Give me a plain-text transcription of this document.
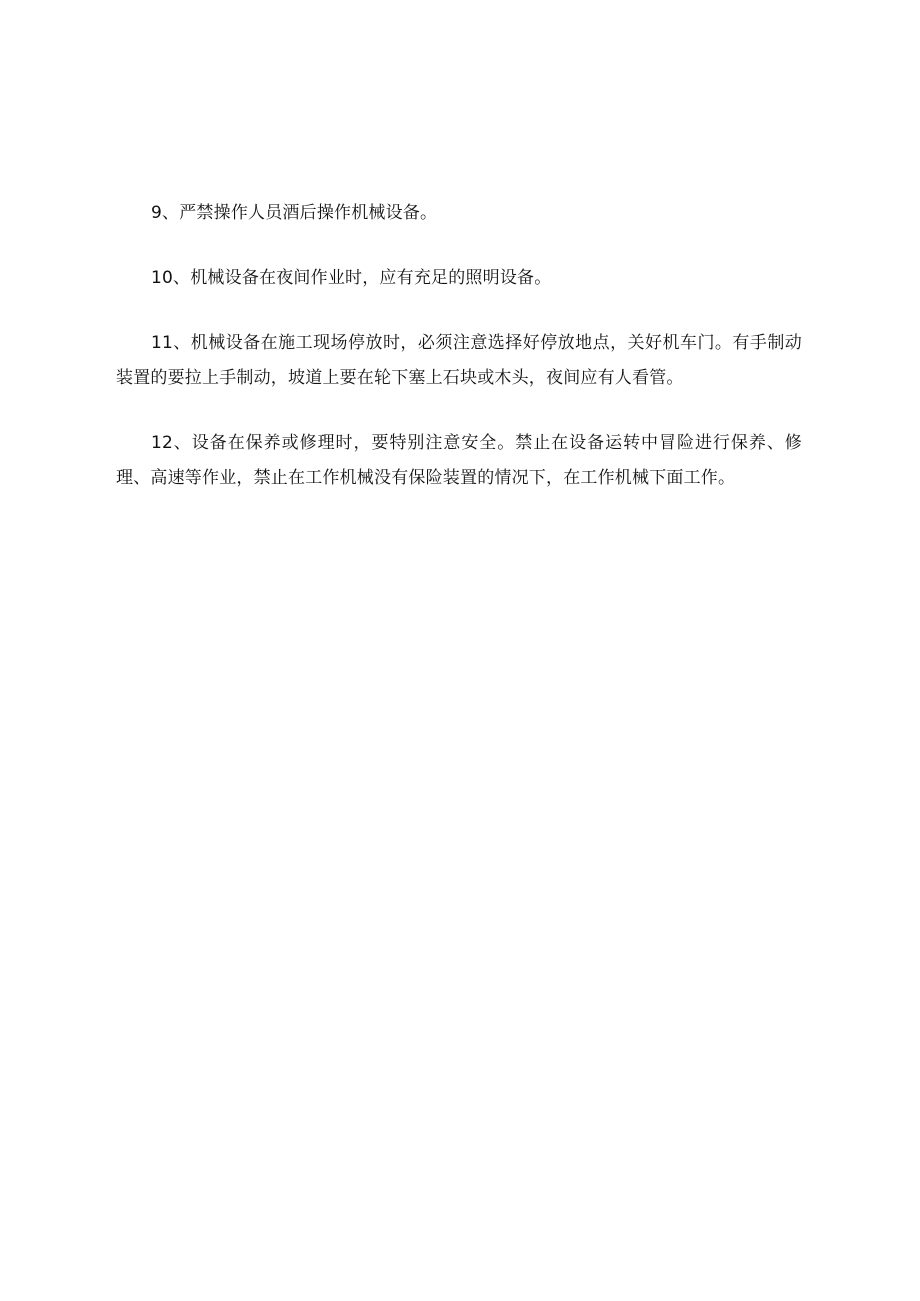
9、严禁操作人员酒后操作机械设备。

10、机械设备在夜间作业时，应有充足的照明设备。

11、机械设备在施工现场停放时，必须注意选择好停放地点，关好机车门。有手制动装置的要拉上手制动，坡道上要在轮下塞上石块或木头，夜间应有人看管。

12、设备在保养或修理时，要特别注意安全。禁止在设备运转中冒险进行保养、修理、高速等作业，禁止在工作机械没有保险装置的情况下，在工作机械下面工作。
